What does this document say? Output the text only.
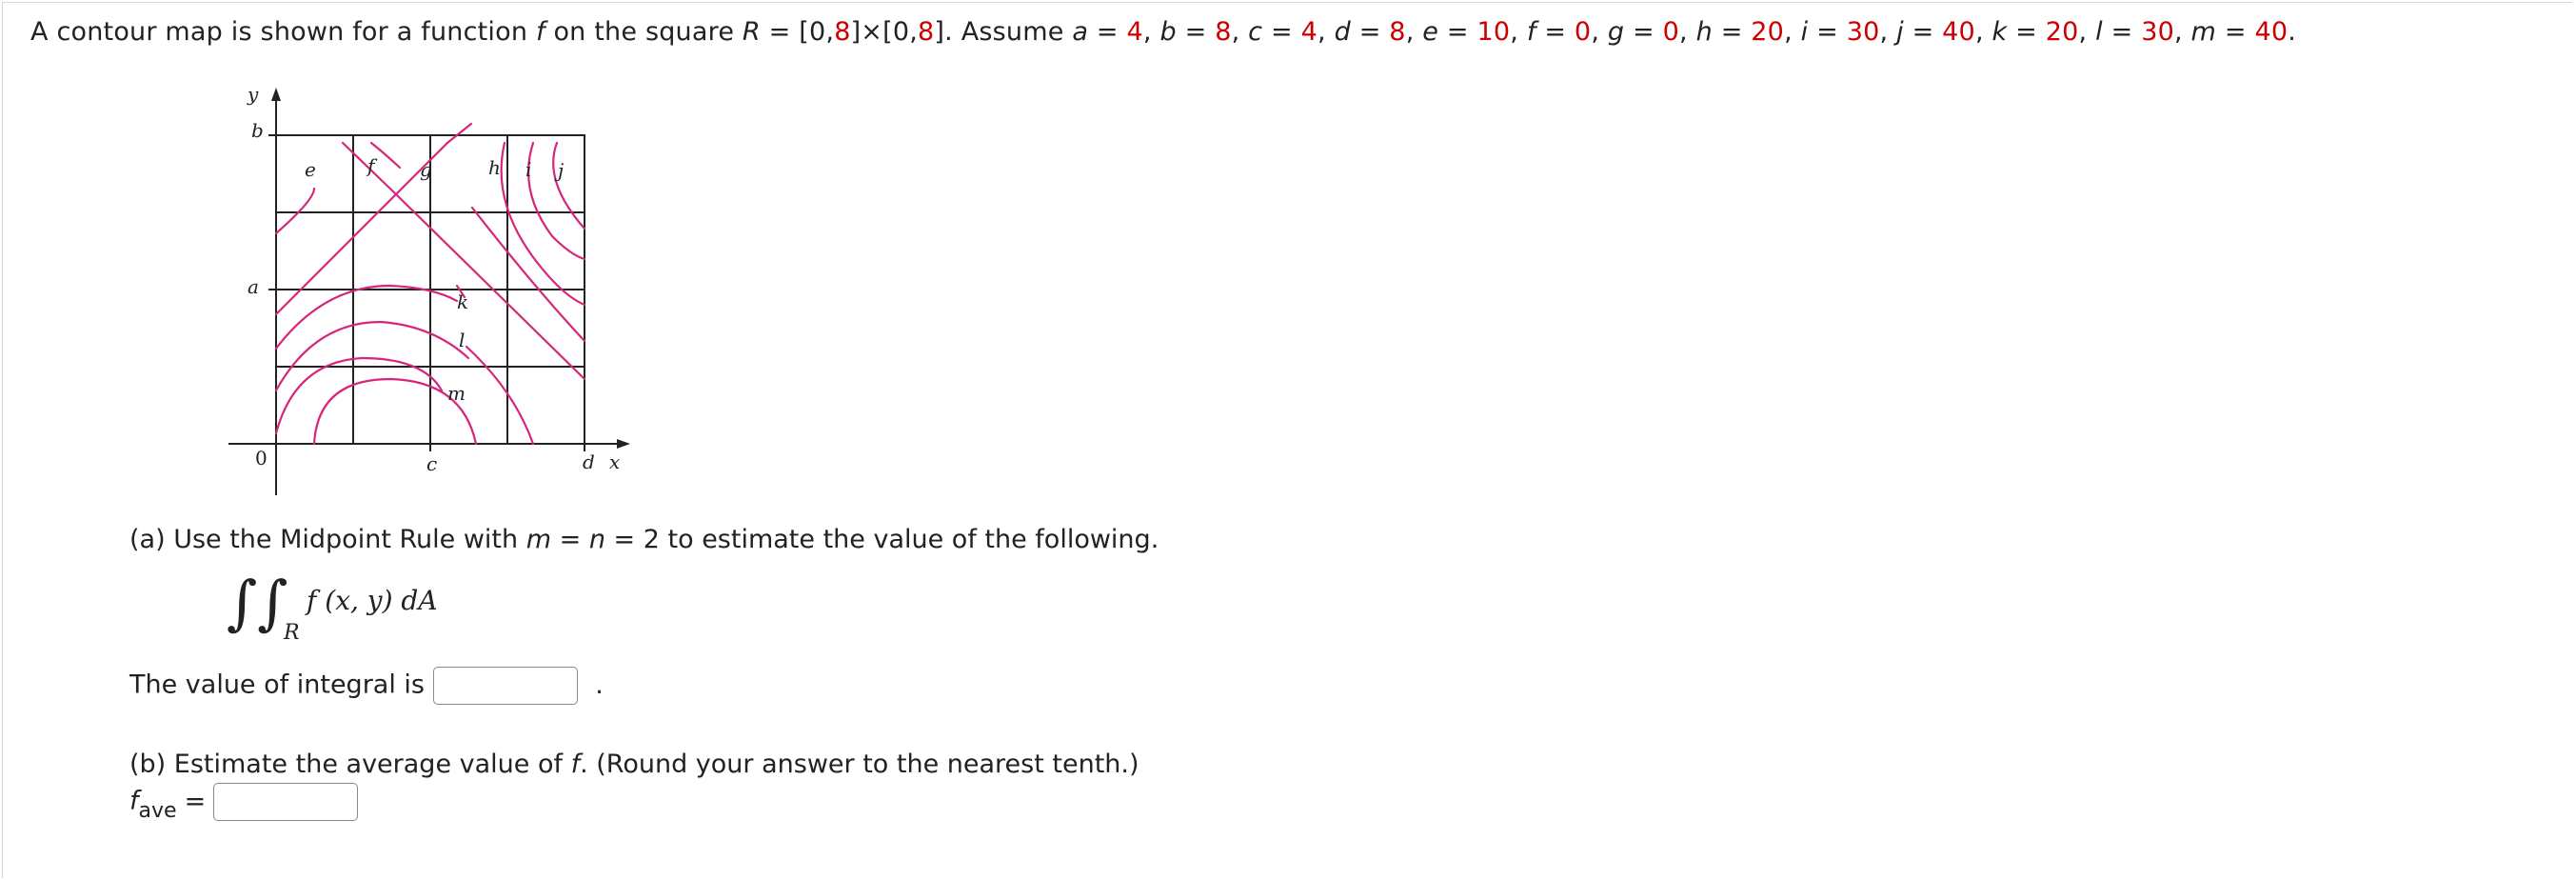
A contour map is shown for a function f on the square R = [0,8]×[0,8]. Assume a = 4, b = 8, c = 4, d = 8, e = 10, f = 0, g = 0, h = 20, i = 30, j = 40, k = 20, l = 30, m = 40.
y
b
a
0	c	d x
e	f g	h i j
k
l
m
(a) Use the Midpoint Rule with m = n = 2 to estimate the value of the following.
∫∫
R
f (x, y) dA
The value of integral is	.
(b) Estimate the average value of f. (Round your answer to the nearest tenth.)
$f_{ave}$ =
